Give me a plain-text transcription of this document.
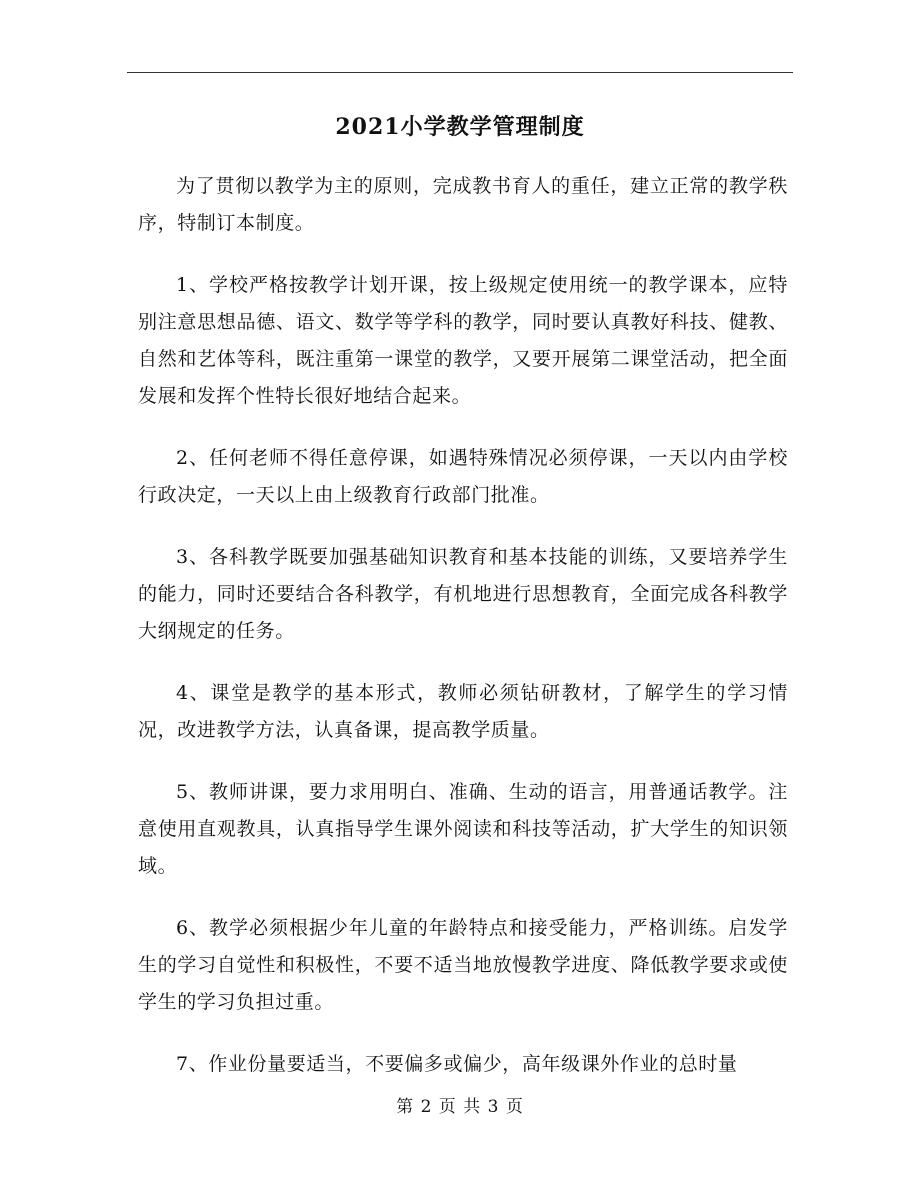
2021小学教学管理制度

为了贯彻以教学为主的原则，完成教书育人的重任，建立正常的教学秩序，特制订本制度。

1、学校严格按教学计划开课，按上级规定使用统一的教学课本，应特别注意思想品德、语文、数学等学科的教学，同时要认真教好科技、健教、自然和艺体等科，既注重第一课堂的教学，又要开展第二课堂活动，把全面发展和发挥个性特长很好地结合起来。

2、任何老师不得任意停课，如遇特殊情况必须停课，一天以内由学校行政决定，一天以上由上级教育行政部门批准。

3、各科教学既要加强基础知识教育和基本技能的训练，又要培养学生的能力，同时还要结合各科教学，有机地进行思想教育，全面完成各科教学大纲规定的任务。

4、课堂是教学的基本形式，教师必须钻研教材，了解学生的学习情况，改进教学方法，认真备课，提高教学质量。

5、教师讲课，要力求用明白、准确、生动的语言，用普通话教学。注意使用直观教具，认真指导学生课外阅读和科技等活动，扩大学生的知识领域。

6、教学必须根据少年儿童的年龄特点和接受能力，严格训练。启发学生的学习自觉性和积极性，不要不适当地放慢教学进度、降低教学要求或使学生的学习负担过重。

7、作业份量要适当，不要偏多或偏少，高年级课外作业的总时量

第 2 页 共 3 页
